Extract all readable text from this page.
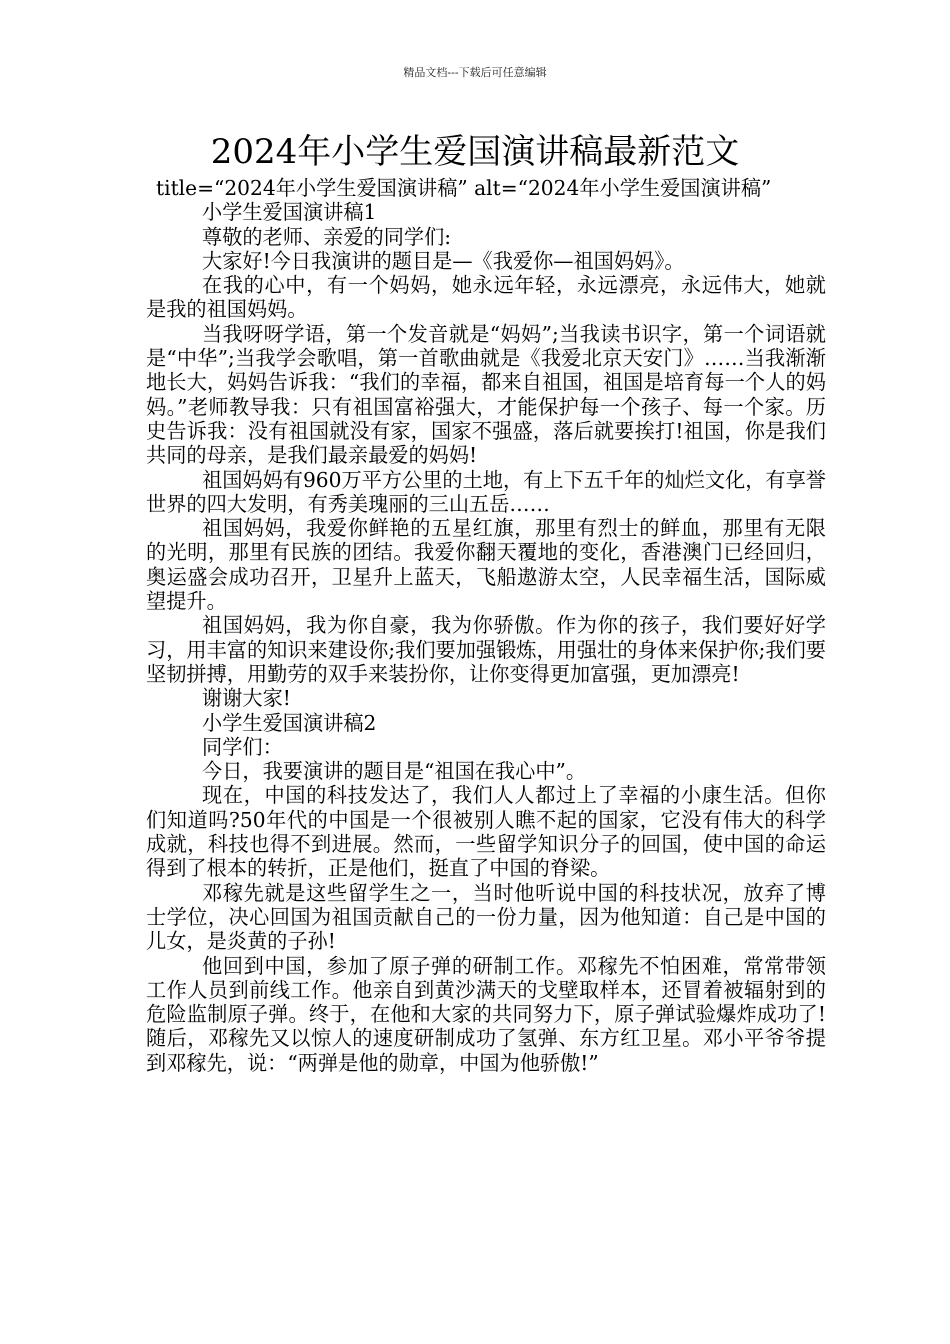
精品文档---下载后可任意编辑
2024年小学生爱国演讲稿最新范文

title=“2024年小学生爱国演讲稿” alt=“2024年小学生爱国演讲稿”

小学生爱国演讲稿1

尊敬的老师、亲爱的同学们:

大家好!今日我演讲的题目是—《我爱你—祖国妈妈》。

在我的心中，有一个妈妈，她永远年轻，永远漂亮，永远伟大，她就是我的祖国妈妈。

当我呀呀学语，第一个发音就是“妈妈”;当我读书识字，第一个词语就是“中华”;当我学会歌唱，第一首歌曲就是《我爱北京天安门》……当我渐渐地长大，妈妈告诉我：“我们的幸福，都来自祖国，祖国是培育每一个人的妈妈。”老师教导我：只有祖国富裕强大，才能保护每一个孩子、每一个家。历史告诉我：没有祖国就没有家，国家不强盛，落后就要挨打!祖国，你是我们共同的母亲，是我们最亲最爱的妈妈!

祖国妈妈有960万平方公里的土地，有上下五千年的灿烂文化，有享誉世界的四大发明，有秀美瑰丽的三山五岳……

祖国妈妈，我爱你鲜艳的五星红旗，那里有烈士的鲜血，那里有无限的光明，那里有民族的团结。我爱你翻天覆地的变化，香港澳门已经回归，奥运盛会成功召开，卫星升上蓝天，飞船遨游太空，人民幸福生活，国际威望提升。

祖国妈妈，我为你自豪，我为你骄傲。作为你的孩子，我们要好好学习，用丰富的知识来建设你;我们要加强锻炼，用强壮的身体来保护你;我们要坚韧拼搏，用勤劳的双手来装扮你，让你变得更加富强，更加漂亮!

谢谢大家!

小学生爱国演讲稿2

同学们：

今日，我要演讲的题目是“祖国在我心中”。

现在，中国的科技发达了，我们人人都过上了幸福的小康生活。但你们知道吗?50年代的中国是一个很被别人瞧不起的国家，它没有伟大的科学成就，科技也得不到进展。然而，一些留学知识分子的回国，使中国的命运得到了根本的转折，正是他们，挺直了中国的脊梁。

邓稼先就是这些留学生之一，当时他听说中国的科技状况，放弃了博士学位，决心回国为祖国贡献自己的一份力量，因为他知道：自己是中国的儿女，是炎黄的子孙!

他回到中国，参加了原子弹的研制工作。邓稼先不怕困难，常常带领工作人员到前线工作。他亲自到黄沙满天的戈壁取样本，还冒着被辐射到的危险监制原子弹。终于，在他和大家的共同努力下，原子弹试验爆炸成功了!随后，邓稼先又以惊人的速度研制成功了氢弹、东方红卫星。邓小平爷爷提到邓稼先，说：“两弹是他的勋章，中国为他骄傲!”
